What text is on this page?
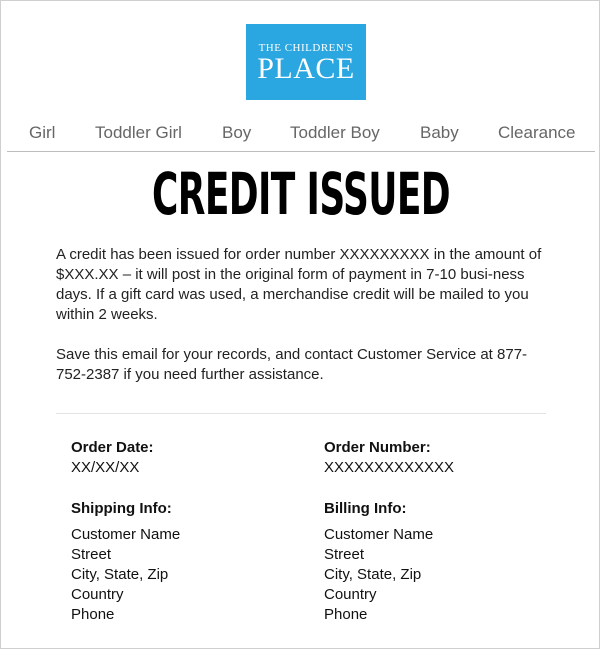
THE CHILDREN'S
PLACE
Girl Toddler Girl Boy Toddler Boy Baby Clearance
CREDIT ISSUED

A credit has been issued for order number XXXXXXXXX in the amount of $XXX.XX – it will post in the original form of payment in 7-10 busi-ness days. If a gift card was used, a merchandise credit will be mailed to you within 2 weeks.

Save this email for your records, and contact Customer Service at 877-752-2387 if you need further assistance.

Order Date:
XX/XX/XX
Order Number:
XXXXXXXXXXXXX
Shipping Info:
Customer Name
Street
City, State, Zip
Country
Phone
Billing Info:
Customer Name
Street
City, State, Zip
Country
Phone
